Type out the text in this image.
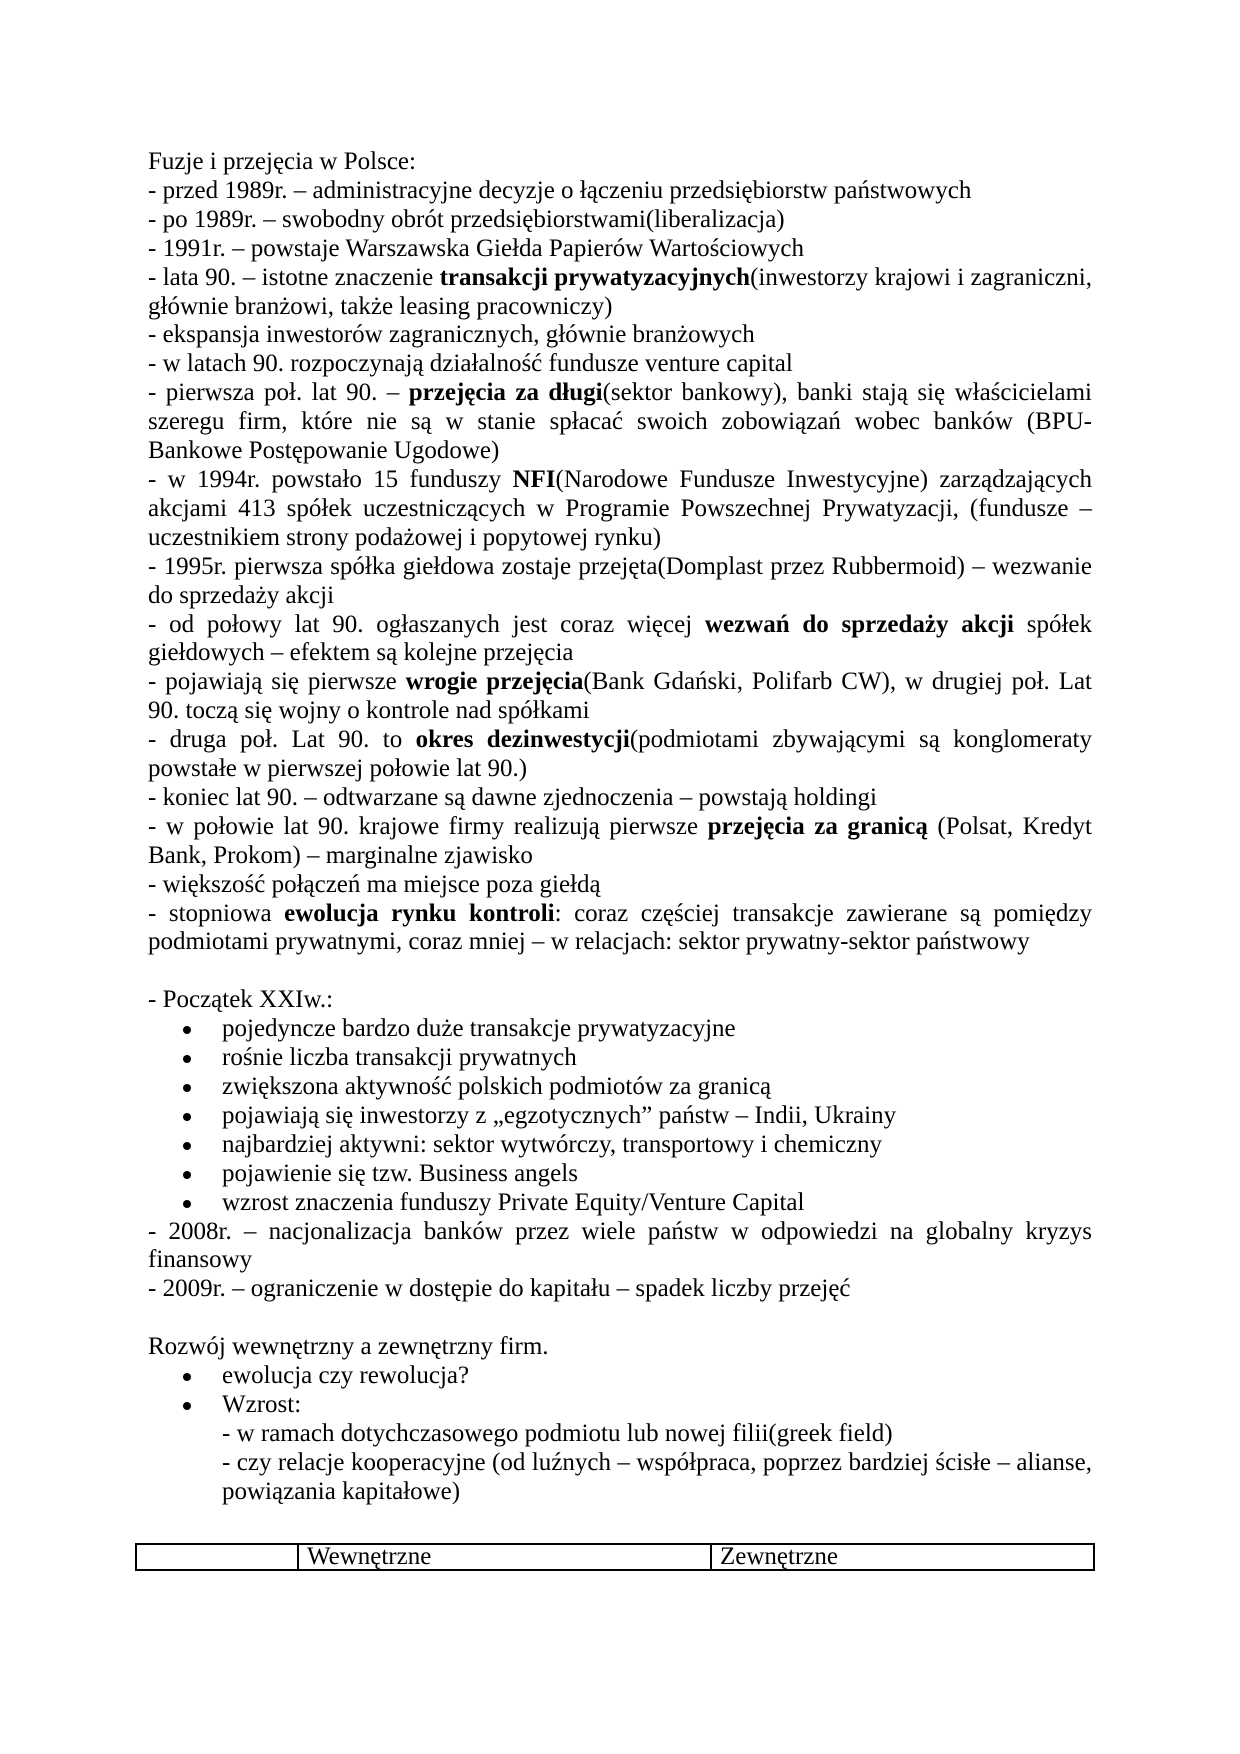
Fuzje i przejęcia w Polsce:

- przed 1989r. – administracyjne decyzje o łączeniu przedsiębiorstw państwowych

- po 1989r. – swobodny obrót przedsiębiorstwami(liberalizacja)

- 1991r. – powstaje Warszawska Giełda Papierów Wartościowych

- lata 90. – istotne znaczenie transakcji prywatyzacyjnych(inwestorzy krajowi i zagraniczni, głównie branżowi, także leasing pracowniczy)

- ekspansja inwestorów zagranicznych, głównie branżowych

- w latach 90. rozpoczynają działalność fundusze venture capital

- pierwsza poł. lat 90. – przejęcia za długi(sektor bankowy), banki stają się właścicielami szeregu firm, które nie są w stanie spłacać swoich zobowiązań wobec banków (BPU-Bankowe Postępowanie Ugodowe)

- w 1994r. powstało 15 funduszy NFI(Narodowe Fundusze Inwestycyjne) zarządzających akcjami 413 spółek uczestniczących w Programie Powszechnej Prywatyzacji, (fundusze – uczestnikiem strony podażowej i popytowej rynku)

- 1995r. pierwsza spółka giełdowa zostaje przejęta(Domplast przez Rubbermoid) – wezwanie do sprzedaży akcji

- od połowy lat 90. ogłaszanych jest coraz więcej wezwań do sprzedaży akcji spółek giełdowych – efektem są kolejne przejęcia

- pojawiają się pierwsze wrogie przejęcia(Bank Gdański, Polifarb CW), w drugiej poł. Lat 90. toczą się wojny o kontrole nad spółkami

- druga poł. Lat 90. to okres dezinwestycji(podmiotami zbywającymi są konglomeraty powstałe w pierwszej połowie lat 90.)

- koniec lat 90. – odtwarzane są dawne zjednoczenia – powstają holdingi

- w połowie lat 90. krajowe firmy realizują pierwsze przejęcia za granicą (Polsat, Kredyt Bank, Prokom) – marginalne zjawisko

- większość połączeń ma miejsce poza giełdą

- stopniowa ewolucja rynku kontroli: coraz częściej transakcje zawierane są pomiędzy podmiotami prywatnymi, coraz mniej – w relacjach: sektor prywatny-sektor państwowy

- Początek XXIw.:

pojedyncze bardzo duże transakcje prywatyzacyjne
rośnie liczba transakcji prywatnych
zwiększona aktywność polskich podmiotów za granicą
pojawiają się inwestorzy z „egzotycznych” państw – Indii, Ukrainy
najbardziej aktywni: sektor wytwórczy, transportowy i chemiczny
pojawienie się tzw. Business angels
wzrost znaczenia funduszy Private Equity/Venture Capital

- 2008r. – nacjonalizacja banków przez wiele państw w odpowiedzi na globalny kryzys finansowy

- 2009r. – ograniczenie w dostępie do kapitału – spadek liczby przejęć

Rozwój wewnętrzny a zewnętrzny firm.

ewolucja czy rewolucja?
Wzrost:
- w ramach dotychczasowego podmiotu lub nowej filii(greek field)
- czy relacje kooperacyjne (od luźnych – współpraca, poprzez bardziej ścisłe – alianse, powiązania kapitałowe)
	Wewnętrzne	Zewnętrzne
